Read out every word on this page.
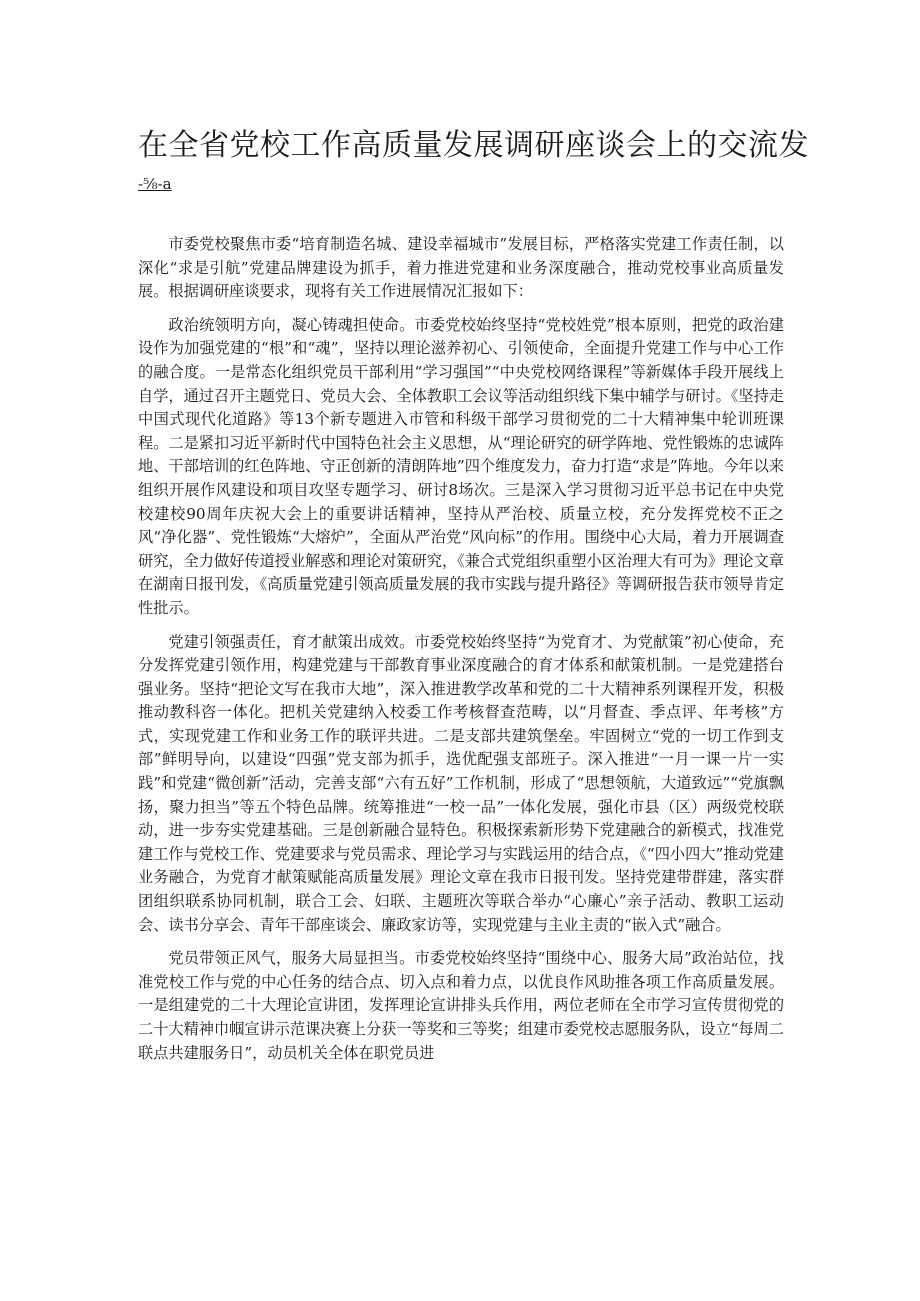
在全省党校工作高质量发展调研座谈会上的交流发

-⅝-a

市委党校聚焦市委“培育制造名城、建设幸福城市”发展目标，严格落实党建工作责任制，以深化“求是引航”党建品牌建设为抓手，着力推进党建和业务深度融合，推动党校事业高质量发展。根据调研座谈要求，现将有关工作进展情况汇报如下：

政治统领明方向，凝心铸魂担使命。市委党校始终坚持“党校姓党”根本原则，把党的政治建设作为加强党建的“根”和“魂”，坚持以理论滋养初心、引领使命，全面提升党建工作与中心工作的融合度。一是常态化组织党员干部利用“学习强国”“中央党校网络课程”等新媒体手段开展线上自学，通过召开主题党日、党员大会、全体教职工会议等活动组织线下集中辅学与研讨。《坚持走中国式现代化道路》等13个新专题进入市管和科级干部学习贯彻党的二十大精神集中轮训班课程。二是紧扣习近平新时代中国特色社会主义思想，从“理论研究的研学阵地、党性锻炼的忠诚阵地、干部培训的红色阵地、守正创新的清朗阵地”四个维度发力，奋力打造“求是”阵地。今年以来组织开展作风建设和项目攻坚专题学习、研讨8场次。三是深入学习贯彻习近平总书记在中央党校建校90周年庆祝大会上的重要讲话精神，坚持从严治校、质量立校，充分发挥党校不正之风“净化器”、党性锻炼“大熔炉”，全面从严治党“风向标”的作用。围绕中心大局，着力开展调查研究，全力做好传道授业解惑和理论对策研究，《兼合式党组织重塑小区治理大有可为》理论文章在湖南日报刊发，《高质量党建引领高质量发展的我市实践与提升路径》等调研报告获市领导肯定性批示。

党建引领强责任，育才献策出成效。市委党校始终坚持“为党育才、为党献策”初心使命，充分发挥党建引领作用，构建党建与干部教育事业深度融合的育才体系和献策机制。一是党建搭台强业务。坚持“把论文写在我市大地”，深入推进教学改革和党的二十大精神系列课程开发，积极推动教科咨一体化。把机关党建纳入校委工作考核督查范畴，以“月督查、季点评、年考核”方式，实现党建工作和业务工作的联评共进。二是支部共建筑堡垒。牢固树立“党的一切工作到支部”鲜明导向，以建设“四强”党支部为抓手，选优配强支部班子。深入推进“一月一课一片一实践”和党建“微创新”活动，完善支部“六有五好”工作机制，形成了“思想领航，大道致远”“党旗飘扬，聚力担当”等五个特色品牌。统筹推进“一校一品”一体化发展，强化市县（区）两级党校联动，进一步夯实党建基础。三是创新融合显特色。积极探索新形势下党建融合的新模式，找准党建工作与党校工作、党建要求与党员需求、理论学习与实践运用的结合点，《“四小四大”推动党建业务融合，为党育才献策赋能高质量发展》理论文章在我市日报刊发。坚持党建带群建，落实群团组织联系协同机制，联合工会、妇联、主题班次等联合举办“心廉心”亲子活动、教职工运动会、读书分享会、青年干部座谈会、廉政家访等，实现党建与主业主责的“嵌入式”融合。

党员带领正风气，服务大局显担当。市委党校始终坚持“围绕中心、服务大局”政治站位，找准党校工作与党的中心任务的结合点、切入点和着力点，以优良作风助推各项工作高质量发展。一是组建党的二十大理论宣讲团，发挥理论宣讲排头兵作用，两位老师在全市学习宣传贯彻党的二十大精神巾帼宣讲示范课决赛上分获一等奖和三等奖；组建市委党校志愿服务队，设立“每周二联点共建服务日”，动员机关全体在职党员进
